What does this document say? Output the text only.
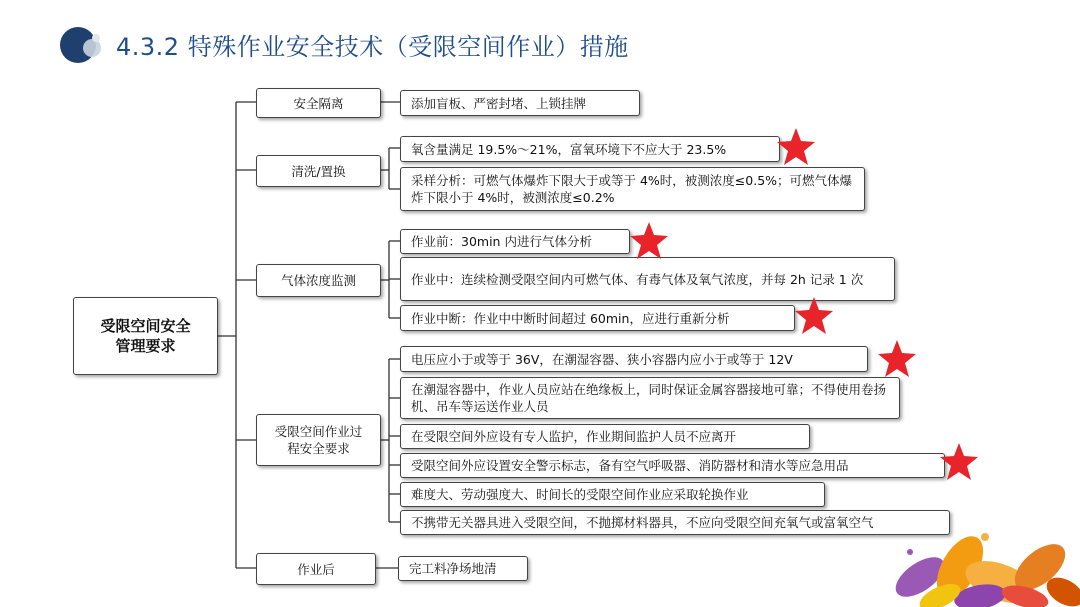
4.3.2 特殊作业安全技术（受限空间作业）措施
受限空间安全管理要求
安全隔离
清洗/置换
气体浓度监测
受限空间作业过程安全要求
作业后
添加盲板、严密封堵、上锁挂牌
氧含量满足 19.5%～21%，富氧环境下不应大于 23.5%
采样分析：可燃气体爆炸下限大于或等于 4%时，被测浓度≤0.5%；可燃气体爆炸下限小于 4%时，被测浓度≤0.2%
作业前：30min 内进行气体分析
作业中：连续检测受限空间内可燃气体、有毒气体及氧气浓度，并每 2h 记录 1 次
作业中断：作业中中断时间超过 60min，应进行重新分析
电压应小于或等于 36V，在潮湿容器、狭小容器内应小于或等于 12V
在潮湿容器中，作业人员应站在绝缘板上，同时保证金属容器接地可靠；不得使用卷扬机、吊车等运送作业人员
在受限空间外应设有专人监护，作业期间监护人员不应离开
受限空间外应设置安全警示标志，备有空气呼吸器、消防器材和清水等应急用品
难度大、劳动强度大、时间长的受限空间作业应采取轮换作业
不携带无关器具进入受限空间，不抛掷材料器具，不应向受限空间充氧气或富氧空气
完工料净场地清
